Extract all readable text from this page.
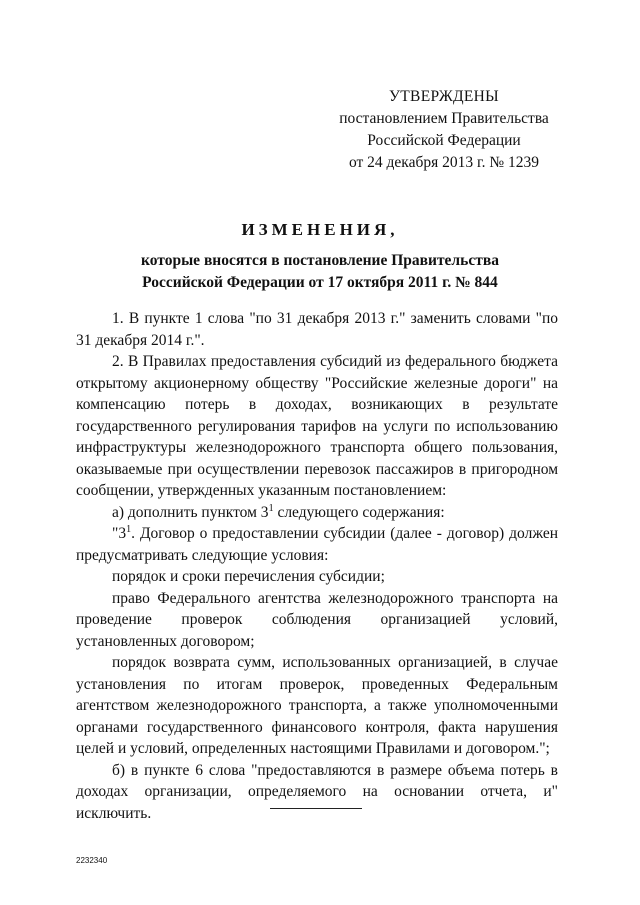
УТВЕРЖДЕНЫ
постановлением Правительства
Российской Федерации
от 24 декабря 2013 г. № 1239
ИЗМЕНЕНИЯ,
которые вносятся в постановление Правительства
Российской Федерации от 17 октября 2011 г. № 844

1. В пункте 1 слова "по 31 декабря 2013 г." заменить словами "по 31 декабря 2014 г.".

2. В Правилах предоставления субсидий из федерального бюджета открытому акционерному обществу "Российские железные дороги" на компенсацию потерь в доходах, возникающих в результате государственного регулирования тарифов на услуги по использованию инфраструктуры железнодорожного транспорта общего пользования, оказываемые при осуществлении перевозок пассажиров в пригородном сообщении, утвержденных указанным постановлением:

а) дополнить пунктом $3^1$ следующего содержания:

"$3^1$. Договор о предоставлении субсидии (далее - договор) должен предусматривать следующие условия:

порядок и сроки перечисления субсидии;

право Федерального агентства железнодорожного транспорта на проведение проверок соблюдения организацией условий, установленных договором;

порядок возврата сумм, использованных организацией, в случае установления по итогам проверок, проведенных Федеральным агентством железнодорожного транспорта, а также уполномоченными органами государственного финансового контроля, факта нарушения целей и условий, определенных настоящими Правилами и договором.";

б) в пункте 6 слова "предоставляются в размере объема потерь в доходах организации, определяемого на основании отчета, и" исключить.

2232340
